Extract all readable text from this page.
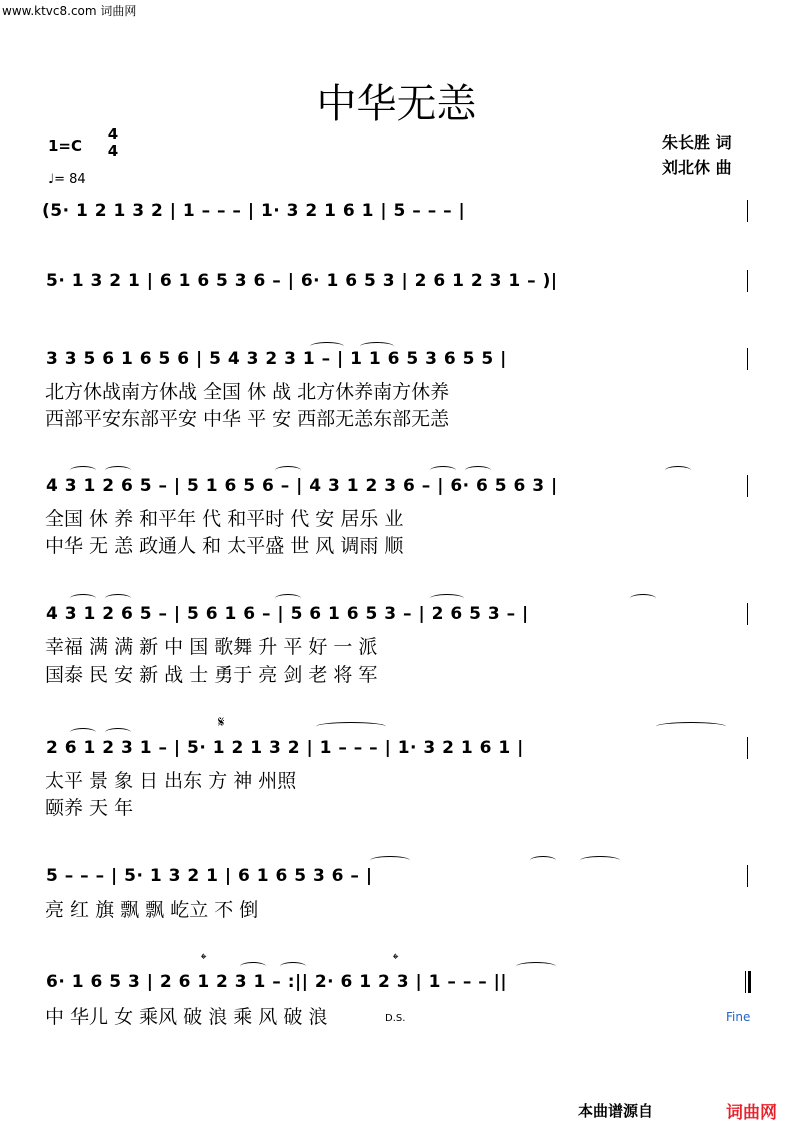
www.ktvc8.com 词曲网
中华无恙
1=C
4
4
♩= 84
朱长胜 词
刘北休 曲
(5· 1 2 1 3 2 | 1 – – – | 1· 3 2 1 6 1 | 5 – – – |
5· 1 3 2 1 | 6 1 6 5 3 6 – | 6· 1 6 5 3 | 2 6 1 2 3 1 – )|
3 3 5 6 1 6 5 6 | 5 4 3 2 3 1 – | 1 1 6 5 3 6 5 5 |
北方休战南方休战 全国 休 战 北方休养南方休养
西部平安东部平安 中华 平 安 西部无恙东部无恙
4 3 1 2 6 5 – | 5 1 6 5 6 – | 4 3 1 2 3 6 – | 6· 6 5 6 3 |
全国 休 养 和平年 代 和平时 代 安 居乐 业
中华 无 恙 政通人 和 太平盛 世 风 调雨 顺
4 3 1 2 6 5 – | 5 6 1 6 – | 5 6 1 6 5 3 – | 2 6 5 3 – |
幸福 满 满 新 中 国 歌舞 升 平 好 一 派
国泰 民 安 新 战 士 勇于 亮 剑 老 将 军
𝄋
2 6 1 2 3 1 – | 5· 1 2 1 3 2 | 1 – – – | 1· 3 2 1 6 1 |
太平 景 象 日 出东 方 神 州照
颐养 天 年
5 – – – | 5· 1 3 2 1 | 6 1 6 5 3 6 – |
亮 红 旗 飘 飘 屹立 不 倒
𝄌	𝄌
6· 1 6 5 3 | 2 6 1 2 3 1 – :|| 2· 6 1 2 3 | 1 – – – ||
中 华儿 女 乘风 破 浪 乘 风 破 浪	D.S.	Fine
本曲谱源自	词曲网
